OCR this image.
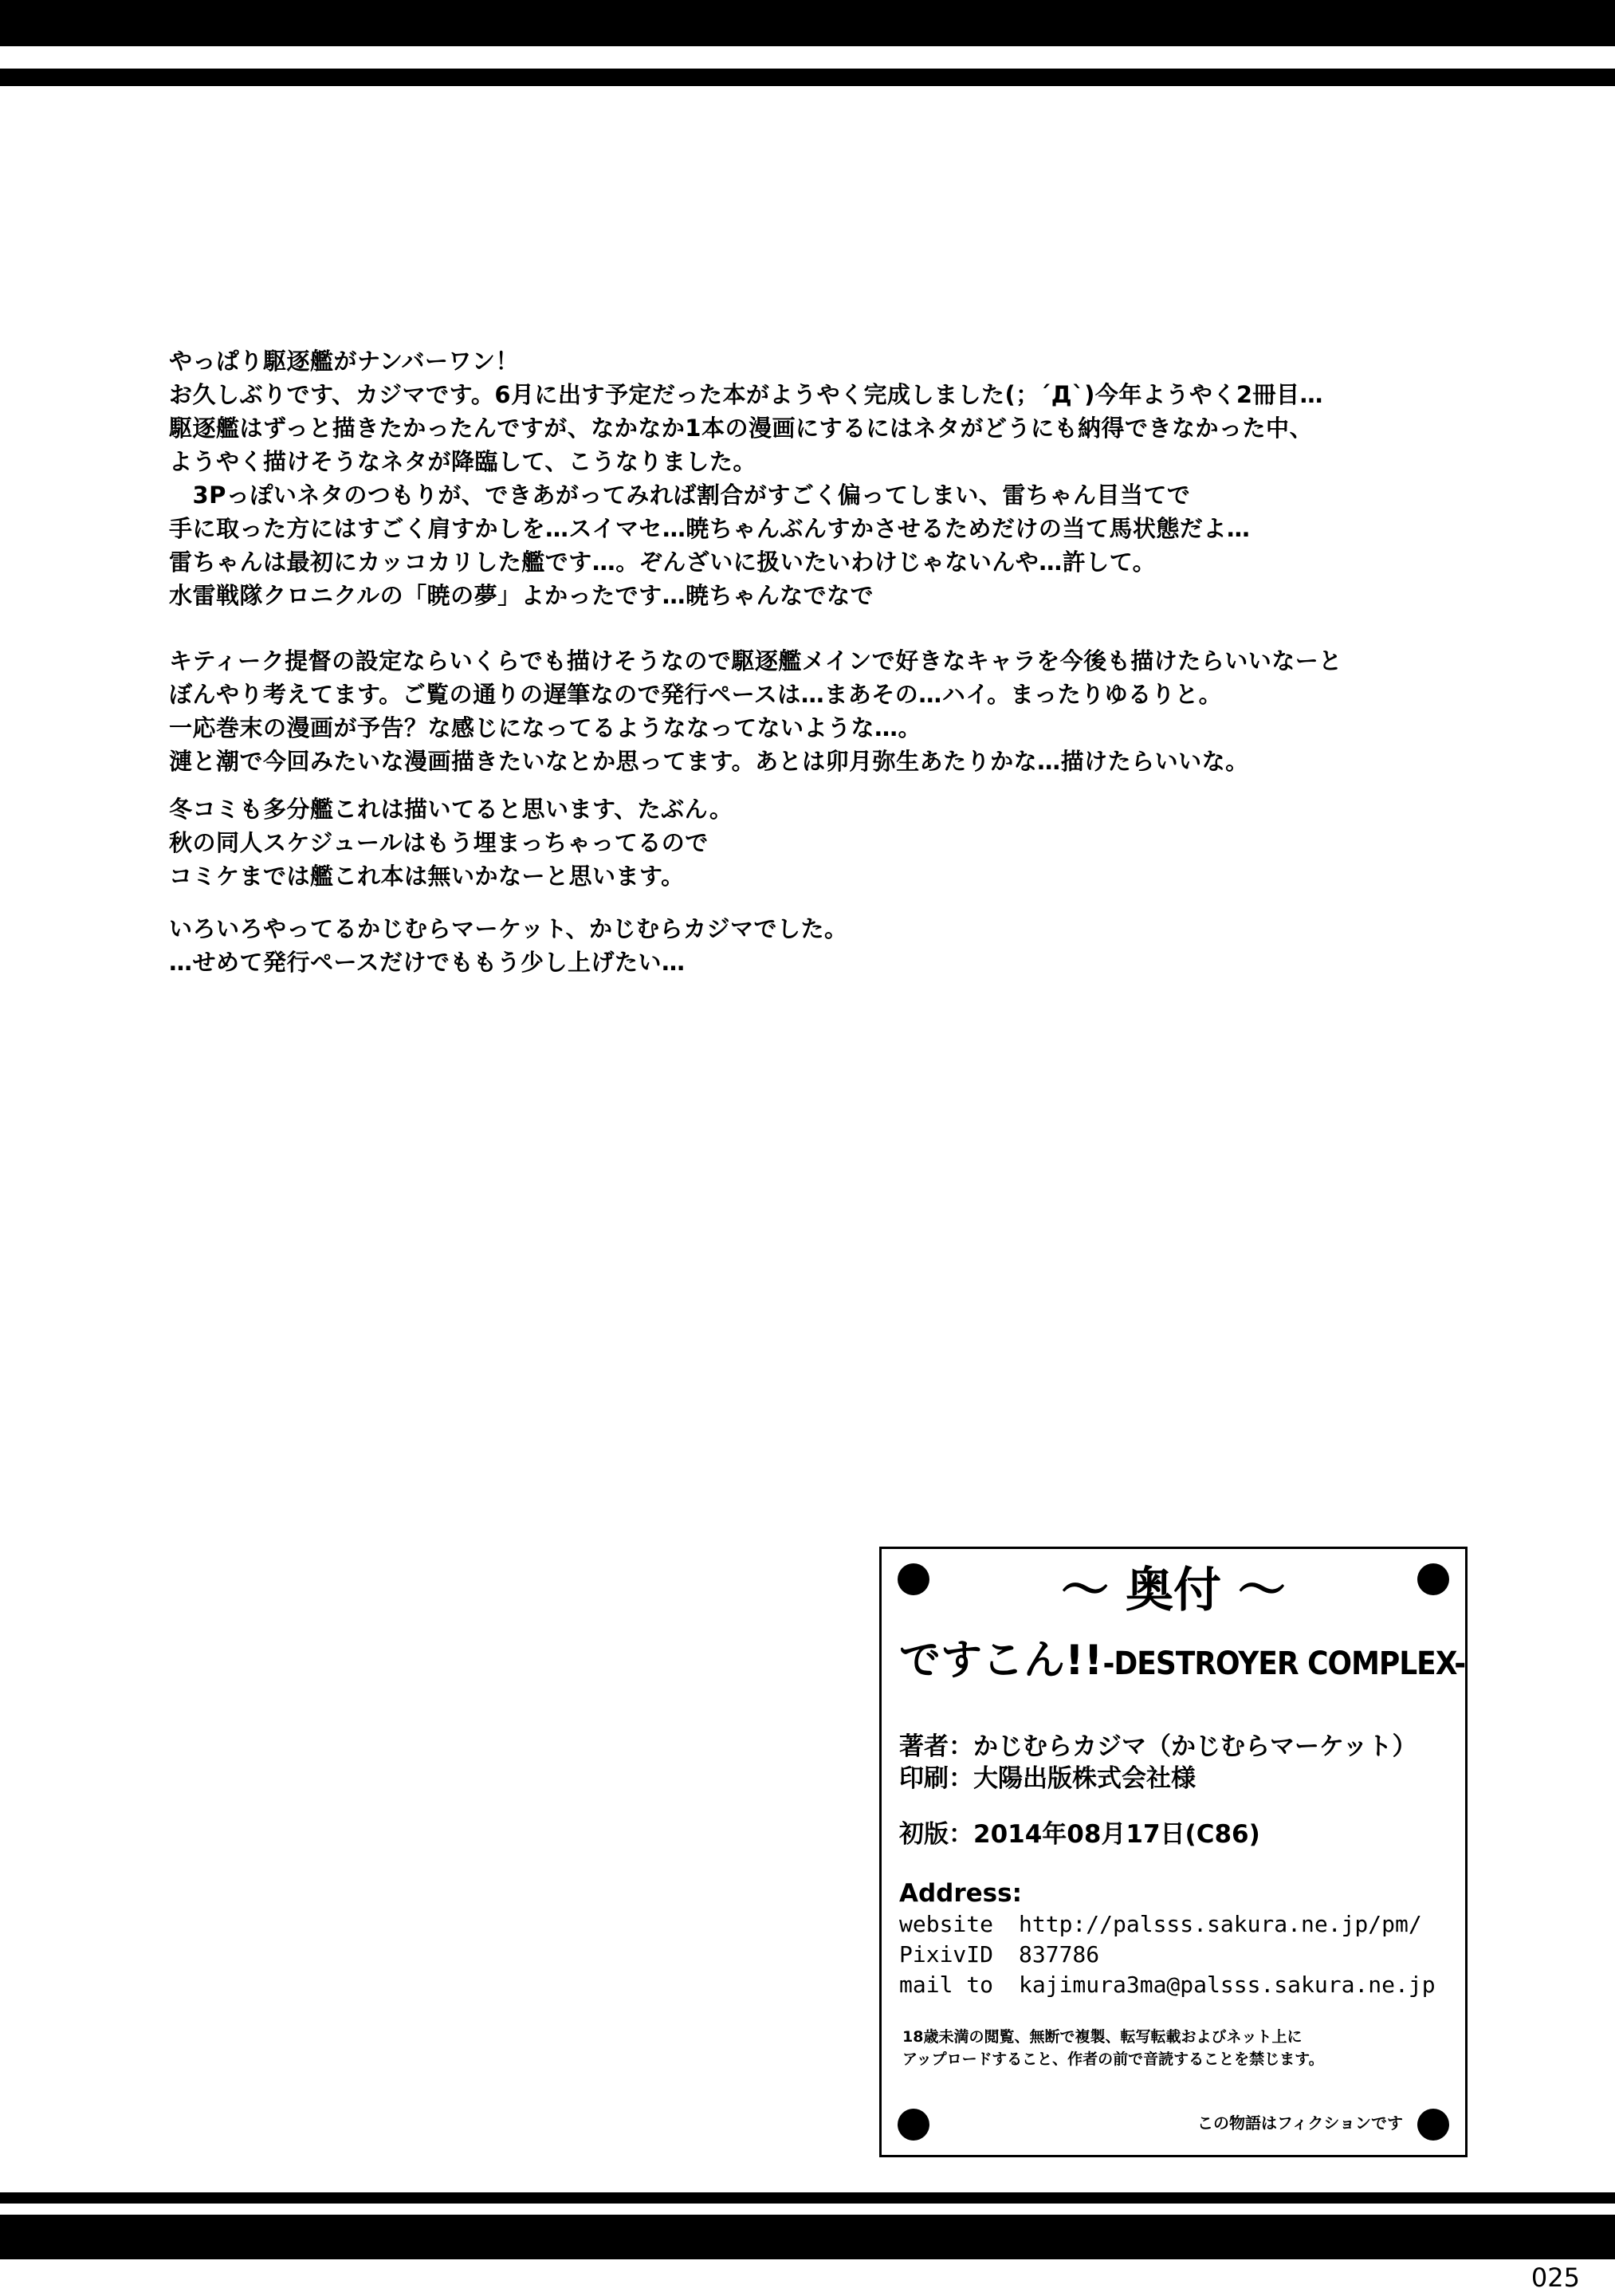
やっぱり駆逐艦がナンバーワン！
お久しぶりです、カジマです。6月に出す予定だった本がようやく完成しました(；´Д`)今年ようやく2冊目…
駆逐艦はずっと描きたかったんですが、なかなか1本の漫画にするにはネタがどうにも納得できなかった中、
ようやく描けそうなネタが降臨して、こうなりました。
　3Pっぽいネタのつもりが、できあがってみれば割合がすごく偏ってしまい、雷ちゃん目当てで
手に取った方にはすごく肩すかしを…スイマセ…暁ちゃんぶんすかさせるためだけの当て馬状態だよ…
雷ちゃんは最初にカッコカリした艦です…。ぞんざいに扱いたいわけじゃないんや…許して。
水雷戦隊クロニクルの「暁の夢」よかったです…暁ちゃんなでなで
キティーク提督の設定ならいくらでも描けそうなので駆逐艦メインで好きなキャラを今後も描けたらいいなーと
ぼんやり考えてます。ご覧の通りの遅筆なので発行ペースは…まあその…ハイ。まったりゆるりと。
一応巻末の漫画が予告？な感じになってるようななってないような…。
漣と潮で今回みたいな漫画描きたいなとか思ってます。あとは卯月弥生あたりかな…描けたらいいな。
冬コミも多分艦これは描いてると思います、たぶん。
秋の同人スケジュールはもう埋まっちゃってるので
コミケまでは艦これ本は無いかなーと思います。
いろいろやってるかじむらマーケット、かじむらカジマでした。
…せめて発行ペースだけでももう少し上げたい…
〜 奥付 〜
ですこん!!-DESTROYER COMPLEX-
著者：かじむらカジマ（かじむらマーケット）
印刷：大陽出版株式会社様
初版：2014年08月17日(C86)
Address:
website http://palsss.sakura.ne.jp/pm/
PixivID 837786
mail to kajimura3ma@palsss.sakura.ne.jp
18歳未満の閲覧、無断で複製、転写転載およびネット上に
アップロードすること、作者の前で音読することを禁じます。
この物語はフィクションです
025
